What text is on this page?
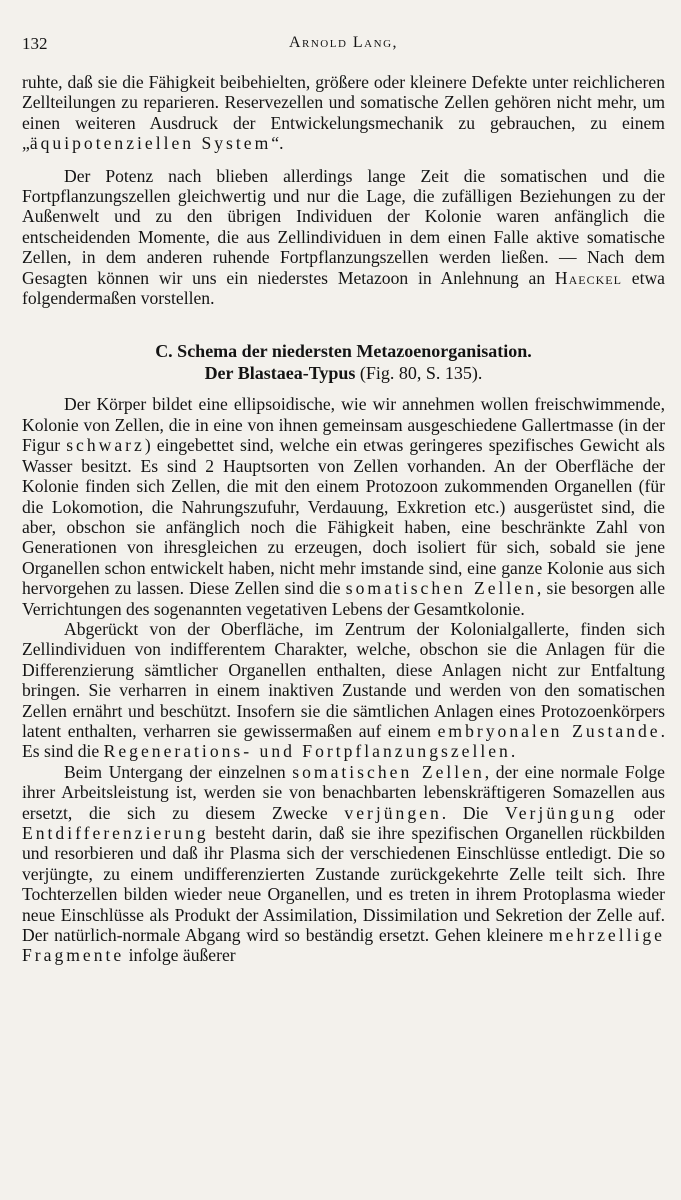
132	Arnold Lang,

ruhte, daß sie die Fähigkeit beibehielten, größere oder kleinere Defekte unter reichlicheren Zellteilungen zu reparieren. Reservezellen und somatische Zellen gehören nicht mehr, um einen weiteren Ausdruck der Entwickelungsmechanik zu gebrauchen, zu einem „äquipotenziellen System“.

Der Potenz nach blieben allerdings lange Zeit die somatischen und die Fortpflanzungszellen gleichwertig und nur die Lage, die zufälligen Beziehungen zu der Außenwelt und zu den übrigen Individuen der Kolonie waren anfänglich die entscheidenden Momente, die aus Zellindividuen in dem einen Falle aktive somatische Zellen, in dem anderen ruhende Fortpflanzungszellen werden ließen. — Nach dem Gesagten können wir uns ein niederstes Metazoon in Anlehnung an Haeckel etwa folgendermaßen vorstellen.

C. Schema der niedersten Metazoenorganisation.
Der Blastaea-Typus (Fig. 80, S. 135).

Der Körper bildet eine ellipsoidische, wie wir annehmen wollen freischwimmende, Kolonie von Zellen, die in eine von ihnen gemeinsam ausgeschiedene Gallertmasse (in der Figur schwarz) eingebettet sind, welche ein etwas geringeres spezifisches Gewicht als Wasser besitzt. Es sind 2 Hauptsorten von Zellen vorhanden. An der Oberfläche der Kolonie finden sich Zellen, die mit den einem Protozoon zukommenden Organellen (für die Lokomotion, die Nahrungszufuhr, Verdauung, Exkretion etc.) ausgerüstet sind, die aber, obschon sie anfänglich noch die Fähigkeit haben, eine beschränkte Zahl von Generationen von ihresgleichen zu erzeugen, doch isoliert für sich, sobald sie jene Organellen schon entwickelt haben, nicht mehr imstande sind, eine ganze Kolonie aus sich hervorgehen zu lassen. Diese Zellen sind die somatischen Zellen, sie besorgen alle Verrichtungen des sogenannten vegetativen Lebens der Gesamtkolonie.

Abgerückt von der Oberfläche, im Zentrum der Kolonialgallerte, finden sich Zellindividuen von indifferentem Charakter, welche, obschon sie die Anlagen für die Differenzierung sämtlicher Organellen enthalten, diese Anlagen nicht zur Entfaltung bringen. Sie verharren in einem inaktiven Zustande und werden von den somatischen Zellen ernährt und beschützt. Insofern sie die sämtlichen Anlagen eines Protozoenkörpers latent enthalten, verharren sie gewissermaßen auf einem embryonalen Zustande. Es sind die Regenerations- und Fortpflanzungszellen.

Beim Untergang der einzelnen somatischen Zellen, der eine normale Folge ihrer Arbeitsleistung ist, werden sie von benachbarten lebenskräftigeren Somazellen aus ersetzt, die sich zu diesem Zwecke verjüngen. Die Verjüngung oder Entdifferenzierung besteht darin, daß sie ihre spezifischen Organellen rückbilden und resorbieren und daß ihr Plasma sich der verschiedenen Einschlüsse entledigt. Die so verjüngte, zu einem undifferenzierten Zustande zurückgekehrte Zelle teilt sich. Ihre Tochterzellen bilden wieder neue Organellen, und es treten in ihrem Protoplasma wieder neue Einschlüsse als Produkt der Assimilation, Dissimilation und Sekretion der Zelle auf. Der natürlich-normale Abgang wird so beständig ersetzt. Gehen kleinere mehrzellige Fragmente infolge äußerer
